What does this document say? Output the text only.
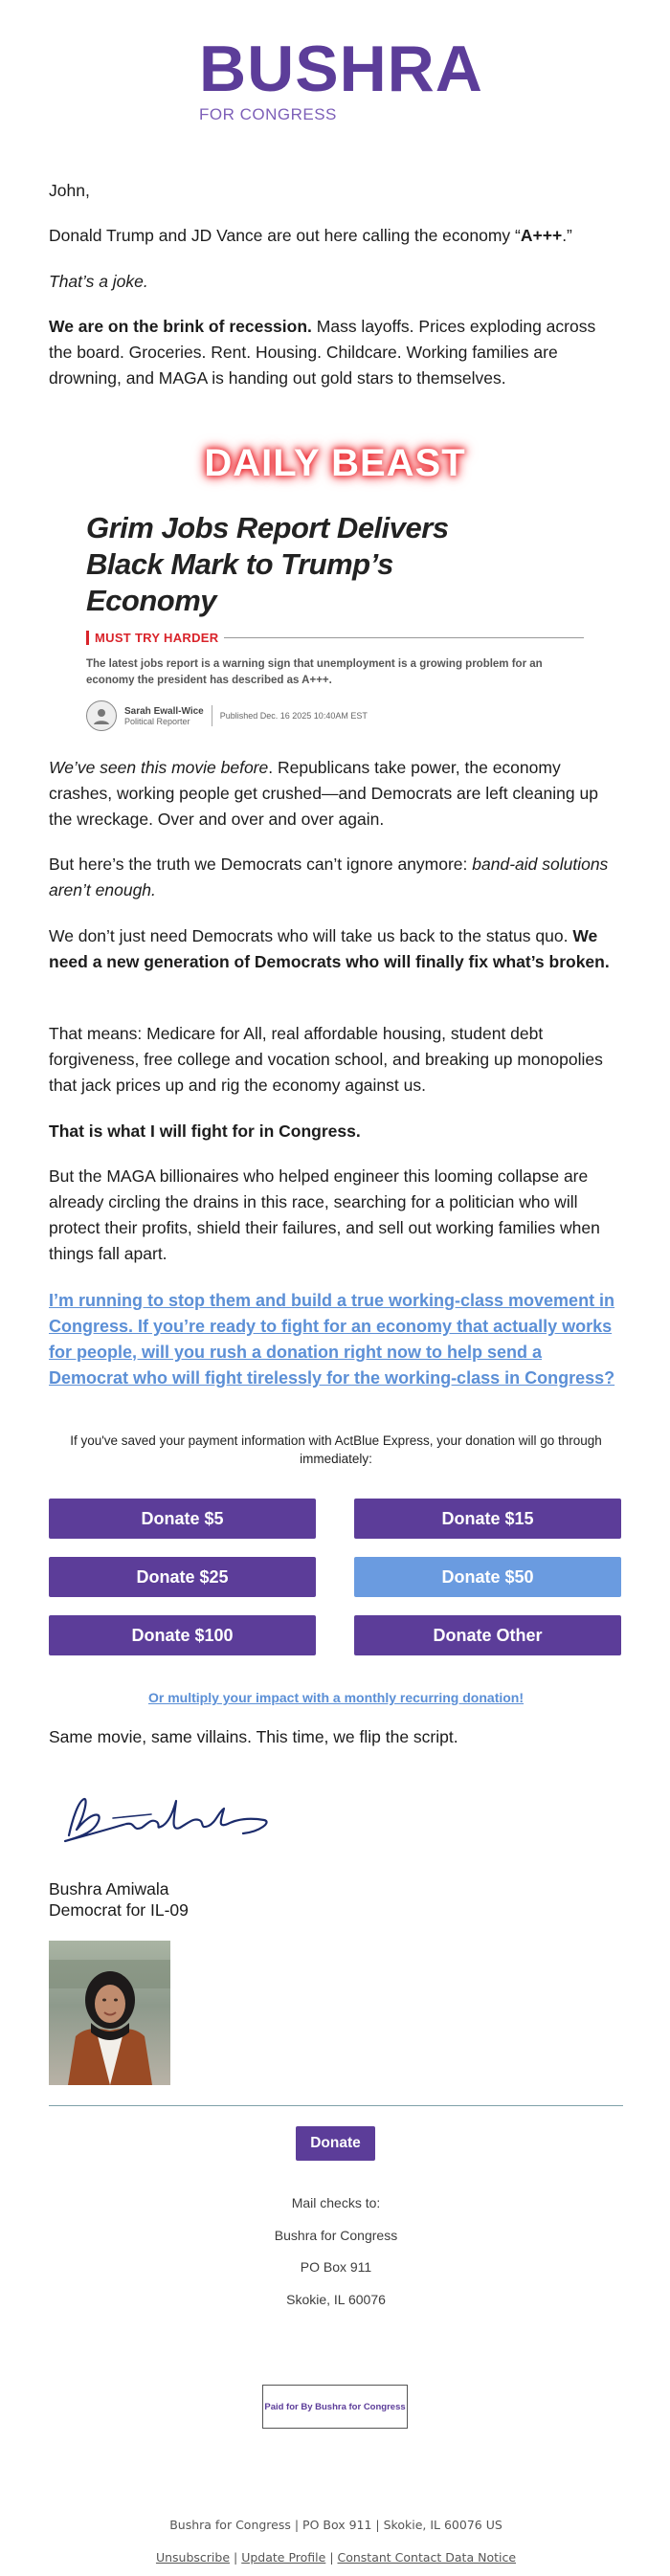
BUSHRA
FOR CONGRESS

John,

Donald Trump and JD Vance are out here calling the economy “A+++.”

That’s a joke.

We are on the brink of recession. Mass layoffs. Prices exploding across the board. Groceries. Rent. Housing. Childcare. Working families are drowning, and MAGA is handing out gold stars to themselves.

DAILY BEAST
Grim Jobs Report Delivers Black Mark to Trump’s Economy
MUST TRY HARDER
The latest jobs report is a warning sign that unemployment is a growing problem for an economy the president has described as A+++.
Sarah Ewall-Wice
Political Reporter
Published Dec. 16 2025 10:40AM EST

We’ve seen this movie before. Republicans take power, the economy crashes, working people get crushed—and Democrats are left cleaning up the wreckage. Over and over and over again.

But here’s the truth we Democrats can’t ignore anymore: band-aid solutions aren’t enough.

We don’t just need Democrats who will take us back to the status quo. We need a new generation of Democrats who will finally fix what’s broken.

That means: Medicare for All, real affordable housing, student debt forgiveness, free college and vocation school, and breaking up monopolies that jack prices up and rig the economy against us.

That is what I will fight for in Congress.

But the MAGA billionaires who helped engineer this looming collapse are already circling the drains in this race, searching for a politician who will protect their profits, shield their failures, and sell out working families when things fall apart.

I’m running to stop them and build a true working-class movement in Congress. If you’re ready to fight for an economy that actually works for people, will you rush a donation right now to help send a Democrat who will fight tirelessly for the working-class in Congress?

If you've saved your payment information with ActBlue Express, your donation will go through immediately:
Donate $5	Donate $15
Donate $25	Donate $50
Donate $100	Donate Other
Or multiply your impact with a monthly recurring donation!

Same movie, same villains. This time, we flip the script.

Bushra Amiwala
Democrat for IL-09
Donate
Mail checks to:
Bushra for Congress
PO Box 911
Skokie, IL 60076
Paid for By Bushra for Congress
Bushra for Congress | PO Box 911 | Skokie, IL 60076 US
Unsubscribe | Update Profile | Constant Contact Data Notice
